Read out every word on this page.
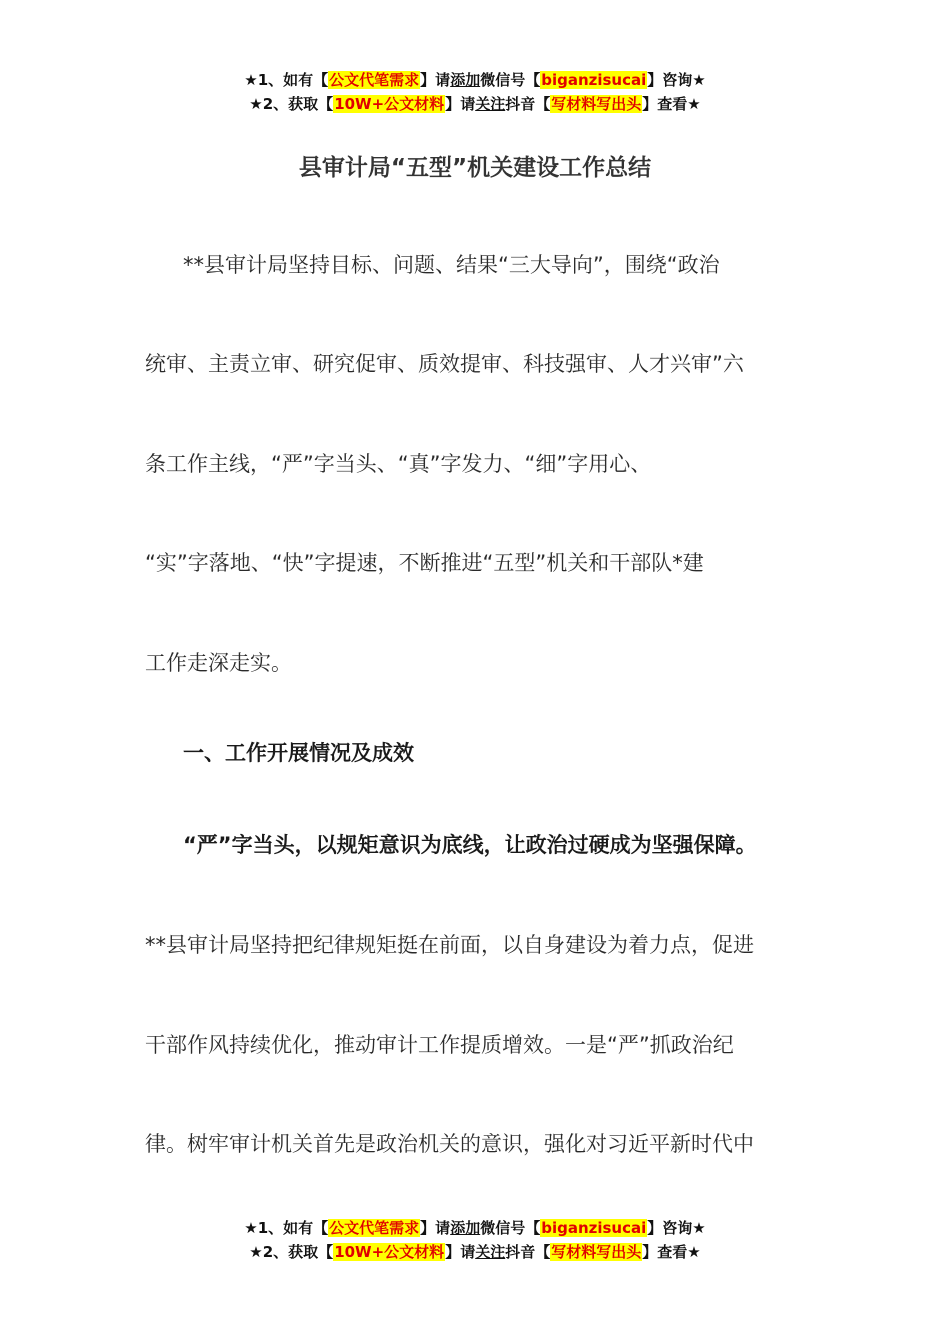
★1、如有【公文代笔需求】请添加微信号【biganzisucai】咨询★
★2、获取【10W+公文材料】请关注抖音【写材料写出头】查看★
县审计局“五型”机关建设工作总结
**县审计局坚持目标、问题、结果“三大导向”，围绕“政治
统审、主责立审、研究促审、质效提审、科技强审、人才兴审”六
条工作主线，“严”字当头、“真”字发力、“细”字用心、
“实”字落地、“快”字提速，不断推进“五型”机关和干部队*建
工作走深走实。
一、工作开展情况及成效
“严”字当头，以规矩意识为底线，让政治过硬成为坚强保障。
**县审计局坚持把纪律规矩挺在前面，以自身建设为着力点，促进
干部作风持续优化，推动审计工作提质增效。一是“严”抓政治纪
律。树牢审计机关首先是政治机关的意识，强化对习近平新时代中
★1、如有【公文代笔需求】请添加微信号【biganzisucai】咨询★
★2、获取【10W+公文材料】请关注抖音【写材料写出头】查看★
